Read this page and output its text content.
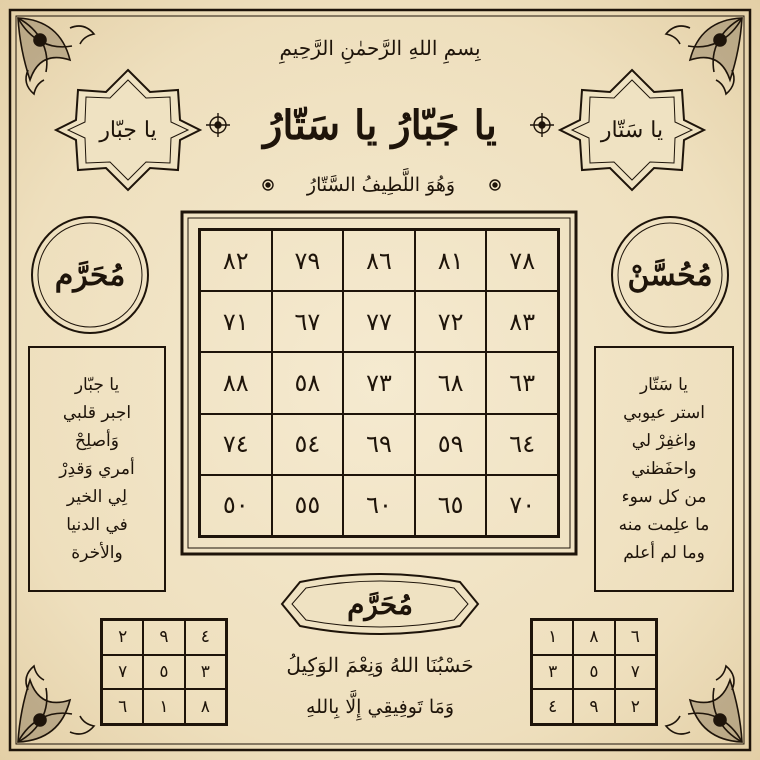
بِسمِ اللهِ الرَّحمٰنِ الرَّحِيمِ
يا جَبّارُ يا سَتّارُ
وَهُوَ اللَّطِيفُ السَّتّارُ
يا جبّار	يا سَتّار
مُحَرَّم	مُحُسَّنْ
٨٢	٧٩	٨٦	٨١	٧٨
٧١	٦٧	٧٧	٧٢	٨٣
٨٨	٥٨	٧٣	٦٨	٦٣
٧٤	٥٤	٦٩	٥٩	٦٤
٥٠	٥٥	٦٠	٦٥	٧٠
يا جبّار
اجبر قلبي
وَأصلِحْ
أمري وَقدِرْ
لِي الخير
في الدنيا
والأخرة
يا سَتّار
استر عيوبي
واغفِرْ لي
واحفَظني
من كل سوء
ما علِمت منه
وما لم أعلم
مُحَرَّم
حَسْبُنَا اللهُ وَنِعْمَ الوَكِيلُ
وَمَا تَوفِيقِي إِلَّا بِاللهِ
٢	٩	٤
٧	٥	٣
٦	١	٨
١	٨	٦
٣	٥	٧
٤	٩	٢
